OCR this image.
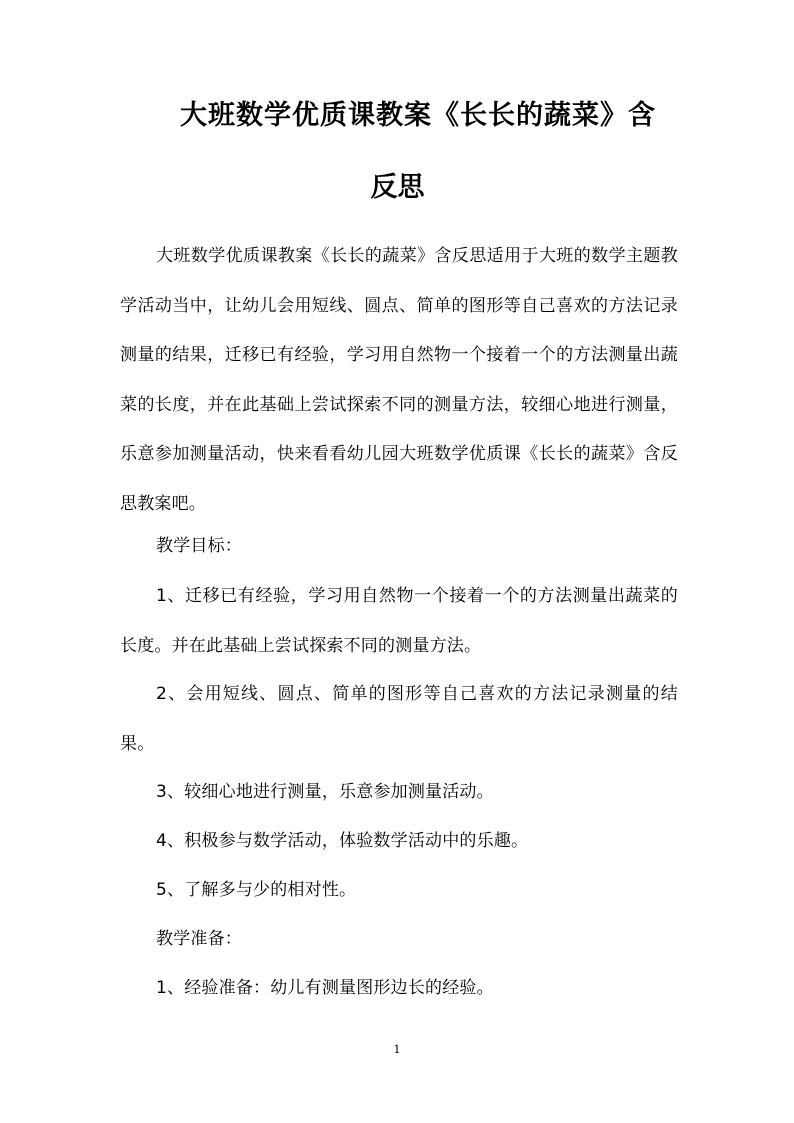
大班数学优质课教案《长长的蔬菜》含
反思

大班数学优质课教案《长长的蔬菜》含反思适用于大班的数学主题教学活动当中，让幼儿会用短线、圆点、简单的图形等自己喜欢的方法记录测量的结果，迁移已有经验，学习用自然物一个接着一个的方法测量出蔬菜的长度，并在此基础上尝试探索不同的测量方法，较细心地进行测量，乐意参加测量活动，快来看看幼儿园大班数学优质课《长长的蔬菜》含反思教案吧。

教学目标：

1、迁移已有经验，学习用自然物一个接着一个的方法测量出蔬菜的长度。并在此基础上尝试探索不同的测量方法。

2、会用短线、圆点、简单的图形等自己喜欢的方法记录测量的结果。

3、较细心地进行测量，乐意参加测量活动。

4、积极参与数学活动，体验数学活动中的乐趣。

5、了解多与少的相对性。

教学准备：

1、经验准备：幼儿有测量图形边长的经验。

1
